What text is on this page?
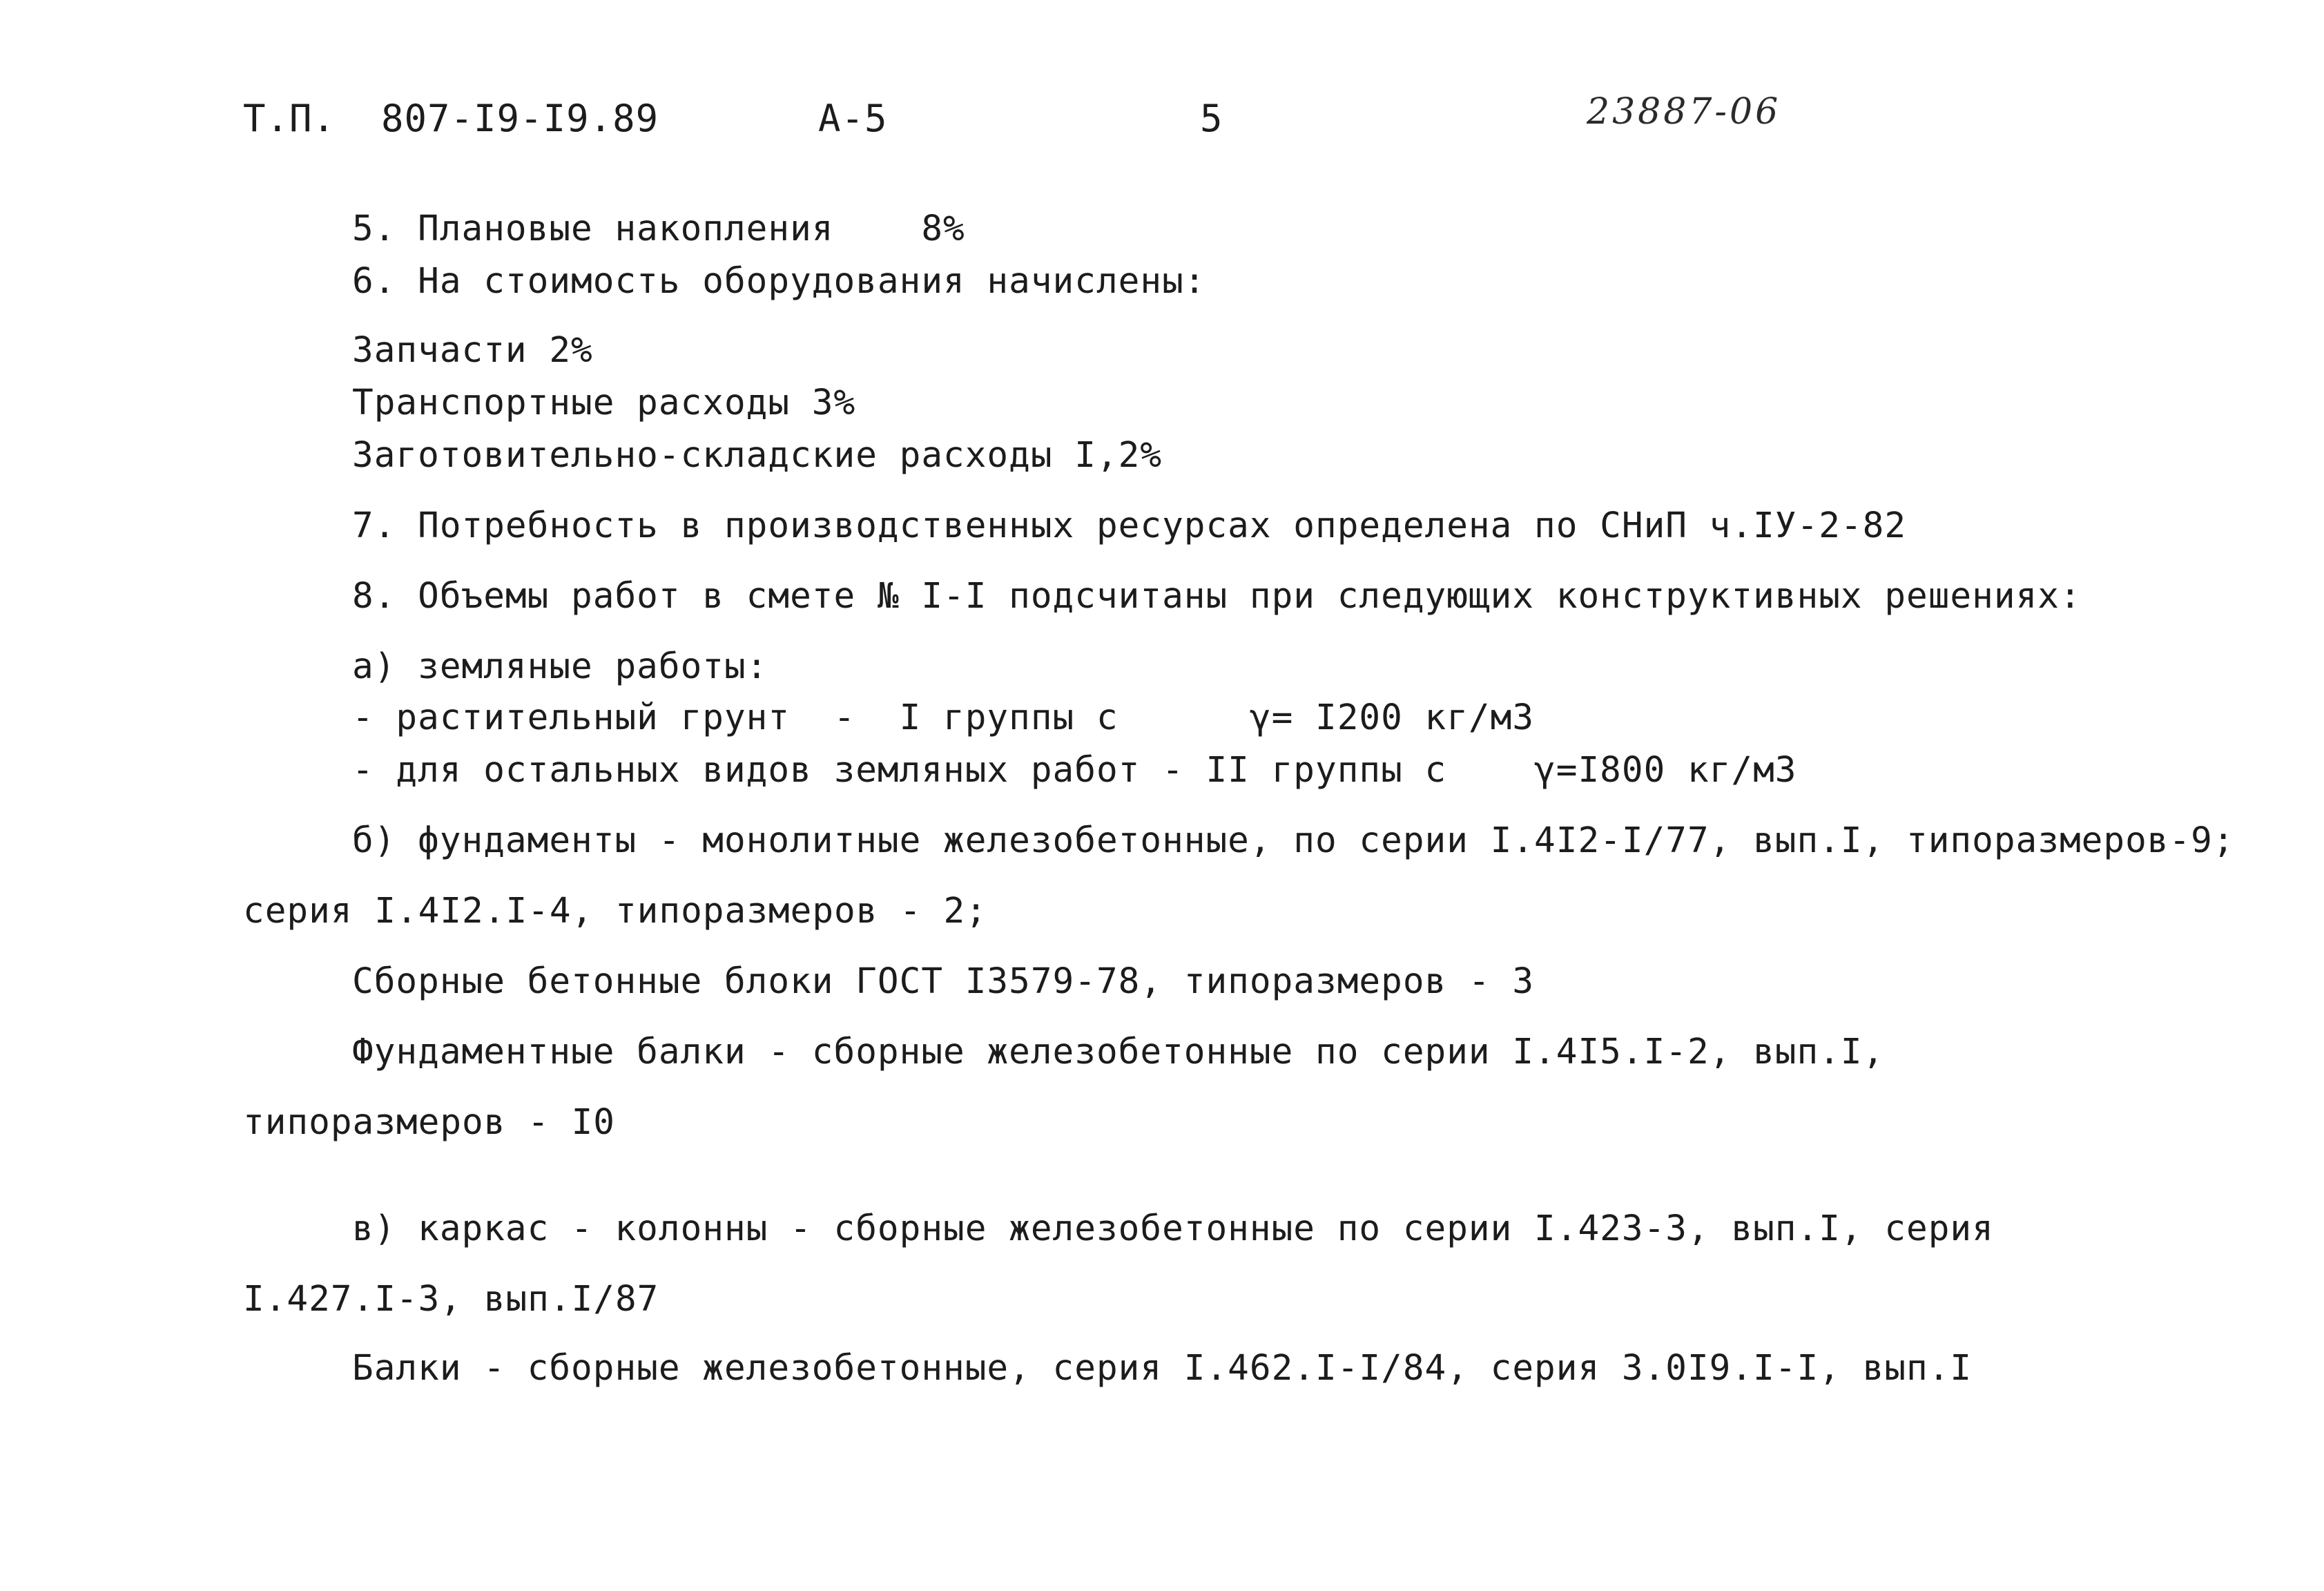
Т.П. 807-I9-I9.89	А-5	5	23887-06
5. Плановые накопления    8%
6. На стоимость оборудования начислены:
Запчасти 2%
Транспортные расходы 3%
Заготовительно-складские расходы I,2%
7. Потребность в производственных ресурсах определена по СНиП ч.IУ-2-82
8. Объемы работ в смете № I-I подсчитаны при следующих конструктивных решениях:
а) земляные работы:
- растительный грунт  -  I группы с      γ= I200 кг/м3
- для остальных видов земляных работ - II группы с    γ=I800 кг/м3
б) фундаменты - монолитные железобетонные, по серии I.4I2-I/77, вып.I, типоразмеров-9;
серия I.4I2.I-4, типоразмеров - 2;
Сборные бетонные блоки ГОСТ I3579-78, типоразмеров - 3
Фундаментные балки - сборные железобетонные по серии I.4I5.I-2, вып.I,
типоразмеров - I0
в) каркас - колонны - сборные железобетонные по серии I.423-3, вып.I, серия
I.427.I-3, вып.I/87
Балки - сборные железобетонные, серия I.462.I-I/84, серия 3.0I9.I-I, вып.I
